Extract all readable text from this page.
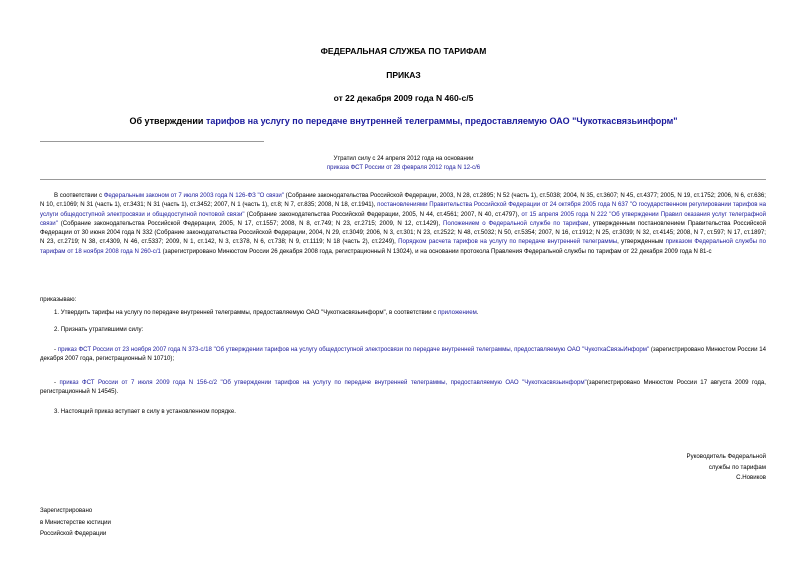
ФЕДЕРАЛЬНАЯ СЛУЖБА ПО ТАРИФАМ
ПРИКАЗ
от 22 декабря 2009 года N 460-с/5
Об утверждении тарифов на услугу по передаче внутренней телеграммы, предоставляемую ОАО "Чукоткасвязьинформ"
Утратил силу с 24 апреля 2012 года на основании
приказа ФСТ России от 28 февраля 2012 года N 12-с/6
В соответствии с Федеральным законом от 7 июля 2003 года N 126-ФЗ "О связи" (Собрание законодательства Российской Федерации, 2003, N 28, ст.2895; N 52 (часть 1), ст.5038; 2004, N 35, ст.3607; N 45, ст.4377; 2005, N 19, ст.1752; 2006, N 6, ст.636; N 10, ст.1069; N 31 (часть 1), ст.3431; N 31 (часть 1), ст.3452; 2007, N 1 (часть 1), ст.8; N 7, ст.835; 2008, N 18, ст.1941), постановлениями Правительства Российской Федерации от 24 октября 2005 года N 637 "О государственном регулировании тарифов на услуги общедоступной электросвязи и общедоступной почтовой связи" (Собрание законодательства Российской Федерации, 2005, N 44, ст.4561; 2007, N 40, ст.4797), от 15 апреля 2005 года N 222 "Об утверждении Правил оказания услуг телеграфной связи" (Собрание законодательства Российской Федерации, 2005, N 17, ст.1557; 2008, N 8, ст.749; N 23, ст.2715; 2009, N 12, ст.1429), Положением о Федеральной службе по тарифам, утвержденным постановлением Правительства Российской Федерации от 30 июня 2004 года N 332 (Собрание законодательства Российской Федерации, 2004, N 29, ст.3049; 2006, N 3, ст.301; N 23, ст.2522; N 48, ст.5032; N 50, ст.5354; 2007, N 16, ст.1912; N 25, ст.3039; N 32, ст.4145; 2008, N 7, ст.597; N 17, ст.1897; N 23, ст.2719; N 38, ст.4309, N 46, ст.5337; 2009, N 1, ст.142, N 3, ст.378, N 6, ст.738; N 9, ст.1119; N 18 (часть 2), ст.2249), Порядком расчета тарифов на услугу по передаче внутренней телеграммы, утвержденным приказом Федеральной службы по тарифам от 18 ноября 2008 года N 260-с/1 (зарегистрировано Минюстом России 26 декабря 2008 года, регистрационный N 13024), и на основании протокола Правления Федеральной службы по тарифам от 22 декабря 2009 года N 81-с
приказываю:
1. Утвердить тарифы на услугу по передаче внутренней телеграммы, предоставляемую ОАО "Чукоткасвязьинформ", в соответствии с приложением.
2. Признать утратившими силу:
- приказ ФСТ России от 23 ноября 2007 года N 373-с/18 "Об утверждении тарифов на услугу общедоступной электросвязи по передаче внутренней телеграммы, предоставляемую ОАО "ЧукоткаСвязьИнформ" (зарегистрировано Минюстом России 14 декабря 2007 года, регистрационный N 10710);
- приказ ФСТ России от 7 июля 2009 года N 156-с/2 "Об утверждении тарифов на услугу по передаче внутренней телеграммы, предоставляемую ОАО "Чукоткасвязьинформ"(зарегистрировано Минюстом России 17 августа 2009 года, регистрационный N 14545).
3. Настоящий приказ вступает в силу в установленном порядке.
Руководитель Федеральной
службы по тарифам
С.Новиков
Зарегистрировано
в Министерстве юстиции
Российской Федерации
